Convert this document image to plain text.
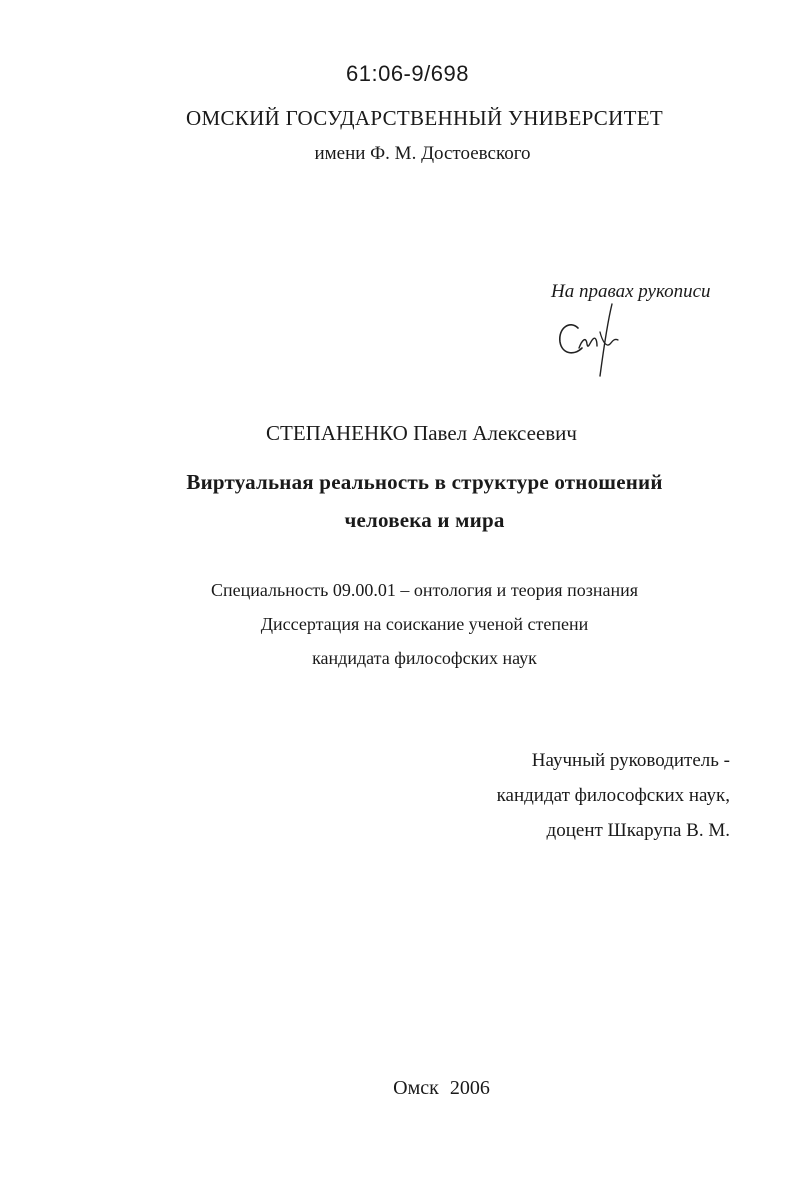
61:06-9/698
ОМСКИЙ ГОСУДАРСТВЕННЫЙ УНИВЕРСИТЕТ
имени Ф. М. Достоевского
На правах рукописи
СТЕПАНЕНКО Павел Алексеевич
Виртуальная реальность в структуре отношений
человека и мира
Специальность 09.00.01 – онтология и теория познания
Диссертация на соискание ученой степени
кандидата философских наук
Научный руководитель -
кандидат философских наук,
доцент Шкарупа В. М.
Омск 2006
